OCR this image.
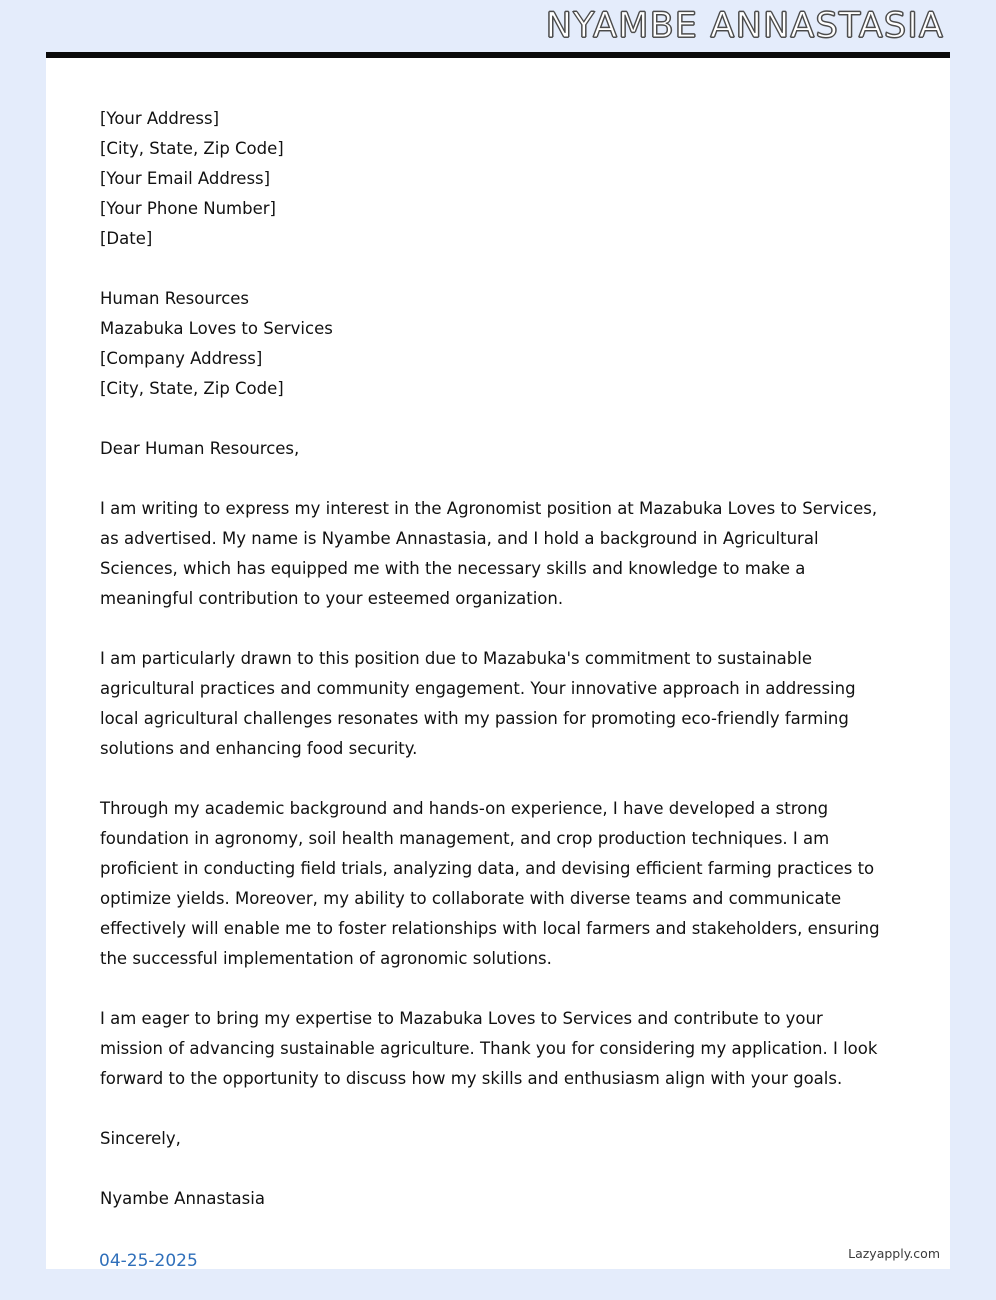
NYAMBE ANNASTASIA
[Your Address]
[City, State, Zip Code]
[Your Email Address]
[Your Phone Number]
[Date]
Human Resources
Mazabuka Loves to Services
[Company Address]
[City, State, Zip Code]
Dear Human Resources,
I am writing to express my interest in the Agronomist position at Mazabuka Loves to Services, as advertised. My name is Nyambe Annastasia, and I hold a background in Agricultural Sciences, which has equipped me with the necessary skills and knowledge to make a meaningful contribution to your esteemed organization.
I am particularly drawn to this position due to Mazabuka's commitment to sustainable agricultural practices and community engagement. Your innovative approach in addressing local agricultural challenges resonates with my passion for promoting eco-friendly farming solutions and enhancing food security.
Through my academic background and hands-on experience, I have developed a strong foundation in agronomy, soil health management, and crop production techniques. I am proficient in conducting field trials, analyzing data, and devising efficient farming practices to optimize yields. Moreover, my ability to collaborate with diverse teams and communicate effectively will enable me to foster relationships with local farmers and stakeholders, ensuring the successful implementation of agronomic solutions.
I am eager to bring my expertise to Mazabuka Loves to Services and contribute to your mission of advancing sustainable agriculture. Thank you for considering my application. I look forward to the opportunity to discuss how my skills and enthusiasm align with your goals.
Sincerely,
Nyambe Annastasia
Lazyapply.com
04-25-2025
